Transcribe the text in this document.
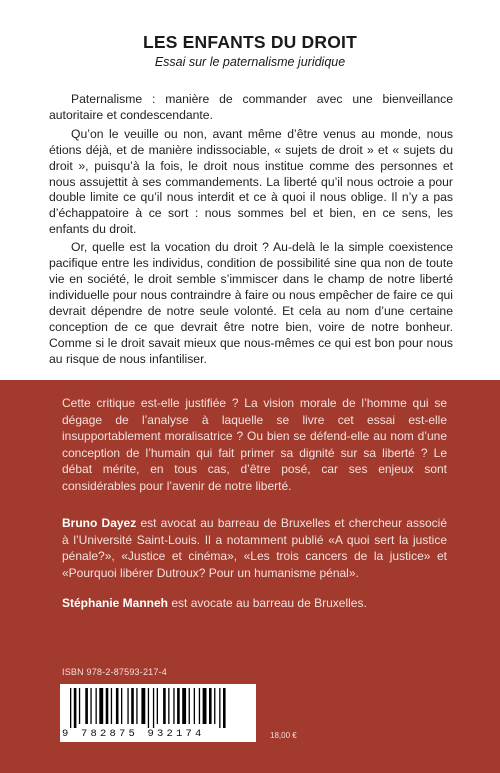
LES ENFANTS DU DROIT
Essai sur le paternalisme juridique

Paternalisme : manière de commander avec une bienveillance autoritaire et condescendante.

Qu’on le veuille ou non, avant même d’être venus au monde, nous étions déjà, et de manière indissociable, « sujets de droit » et « sujets du droit », puisqu’à la fois, le droit nous institue comme des personnes et nous assujettit à ses commandements. La liberté qu’il nous octroie a pour double limite ce qu’il nous interdit et ce à quoi il nous oblige. Il n’y a pas d’échappatoire à ce sort : nous sommes bel et bien, en ce sens, les enfants du droit.

Or, quelle est la vocation du droit ? Au-delà le la simple coexistence pacifique entre les individus, condition de possibilité sine qua non de toute vie en société, le droit semble s’immiscer dans le champ de notre liberté individuelle pour nous contraindre à faire ou nous empêcher de faire ce qui devrait dépendre de notre seule volonté. Et cela au nom d’une certaine conception de ce que devrait être notre bien, voire de notre bonheur. Comme si le droit savait mieux que nous-mêmes ce qui est bon pour nous au risque de nous infantiliser.

Cette critique est-elle justifiée ? La vision morale de l’homme qui se dégage de l’analyse à laquelle se livre cet essai est-elle insupportablement moralisatrice ? Ou bien se défend-elle au nom d’une conception de l’humain qui fait primer sa dignité sur sa liberté ? Le débat mérite, en tous cas, d’être posé, car ses enjeux sont considérables pour l’avenir de notre liberté.

Bruno Dayez est avocat au barreau de Bruxelles et chercheur associé à l’Université Saint-Louis. Il a notamment publié «A quoi sert la justice pénale?», «Justice et cinéma», «Les trois cancers de la justice» et «Pourquoi libérer Dutroux? Pour un humanisme pénal».

Stéphanie Manneh est avocate au barreau de Bruxelles.

ISBN 978-2-87593-217-4
9 782875 932174	18,00 €
